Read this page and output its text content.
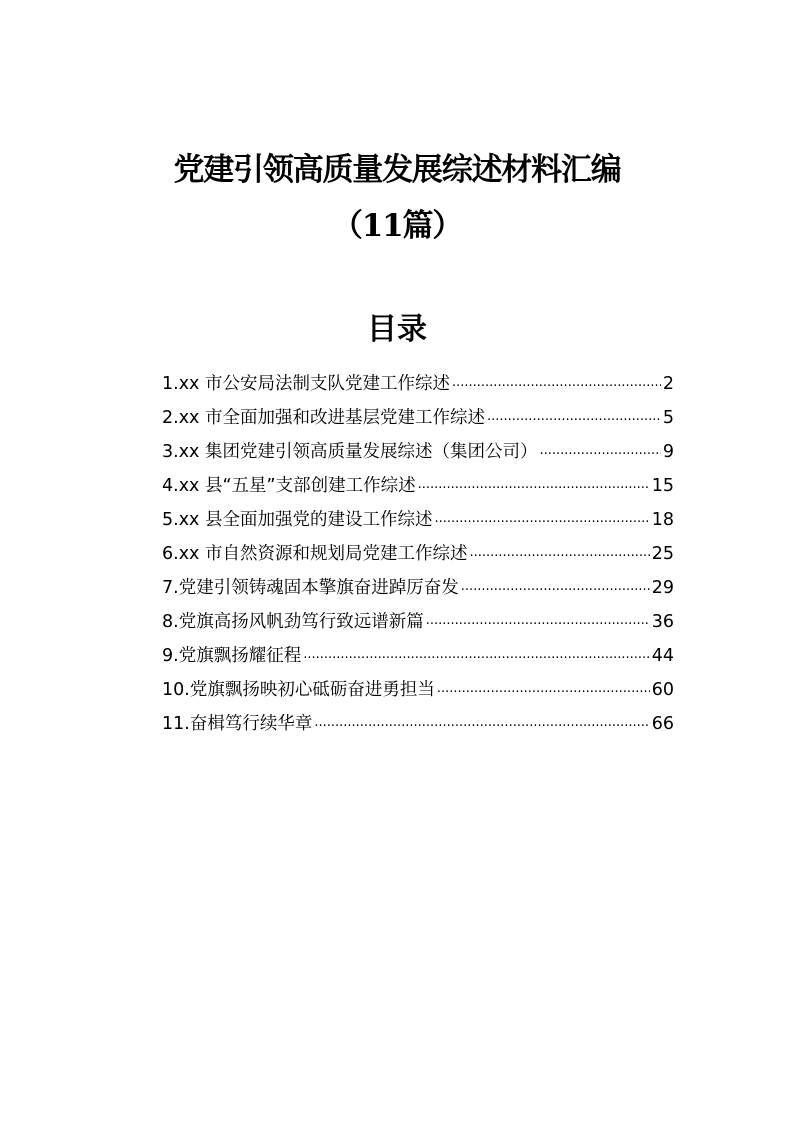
党建引领高质量发展综述材料汇编（11篇）
目录
1.xx 市公安局法制支队党建工作综述 .....	2
2.xx 市全面加强和改进基层党建工作综述 .....	5
3.xx 集团党建引领高质量发展综述（集团公司） .....	9
4.xx 县“五星”支部创建工作综述 .....	15
5.xx 县全面加强党的建设工作综述 .....	18
6.xx 市自然资源和规划局党建工作综述 .....	25
7.党建引领铸魂固本擎旗奋进踔厉奋发 .....	29
8.党旗高扬风帆劲笃行致远谱新篇 .....	36
9.党旗飘扬耀征程 .....	44
10.党旗飘扬映初心砥砺奋进勇担当 .....	60
11.奋楫笃行续华章 .....	66
